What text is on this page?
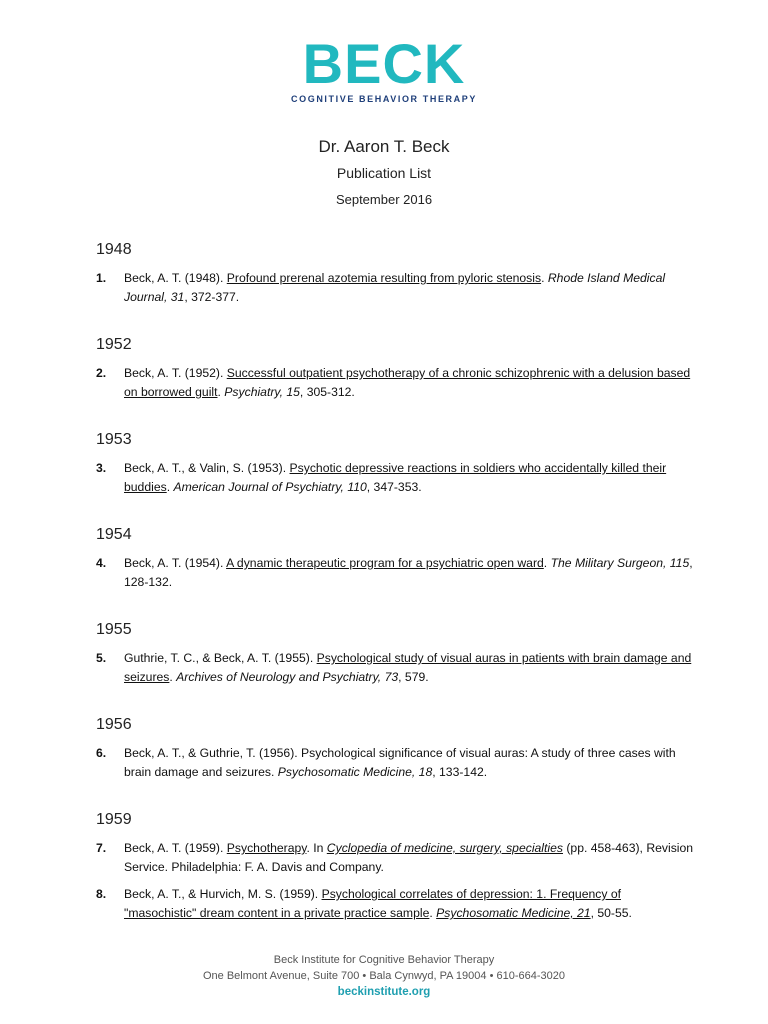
BECK
COGNITIVE BEHAVIOR THERAPY
Dr. Aaron T. Beck
Publication List
September 2016
1948
1. Beck, A. T. (1948). Profound prerenal azotemia resulting from pyloric stenosis. Rhode Island Medical Journal, 31, 372-377.
1952
2. Beck, A. T. (1952). Successful outpatient psychotherapy of a chronic schizophrenic with a delusion based on borrowed guilt. Psychiatry, 15, 305-312.
1953
3. Beck, A. T., & Valin, S. (1953). Psychotic depressive reactions in soldiers who accidentally killed their buddies. American Journal of Psychiatry, 110, 347-353.
1954
4. Beck, A. T. (1954). A dynamic therapeutic program for a psychiatric open ward. The Military Surgeon, 115, 128-132.
1955
5. Guthrie, T. C., & Beck, A. T. (1955). Psychological study of visual auras in patients with brain damage and seizures. Archives of Neurology and Psychiatry, 73, 579.
1956
6. Beck, A. T., & Guthrie, T. (1956). Psychological significance of visual auras: A study of three cases with brain damage and seizures. Psychosomatic Medicine, 18, 133-142.
1959
7. Beck, A. T. (1959). Psychotherapy. In Cyclopedia of medicine, surgery, specialties (pp. 458-463), Revision Service. Philadelphia: F. A. Davis and Company.
8. Beck, A. T., & Hurvich, M. S. (1959). Psychological correlates of depression: 1. Frequency of "masochistic" dream content in a private practice sample. Psychosomatic Medicine, 21, 50-55.
Beck Institute for Cognitive Behavior Therapy
One Belmont Avenue, Suite 700 • Bala Cynwyd, PA 19004 • 610-664-3020
beckinstitute.org
